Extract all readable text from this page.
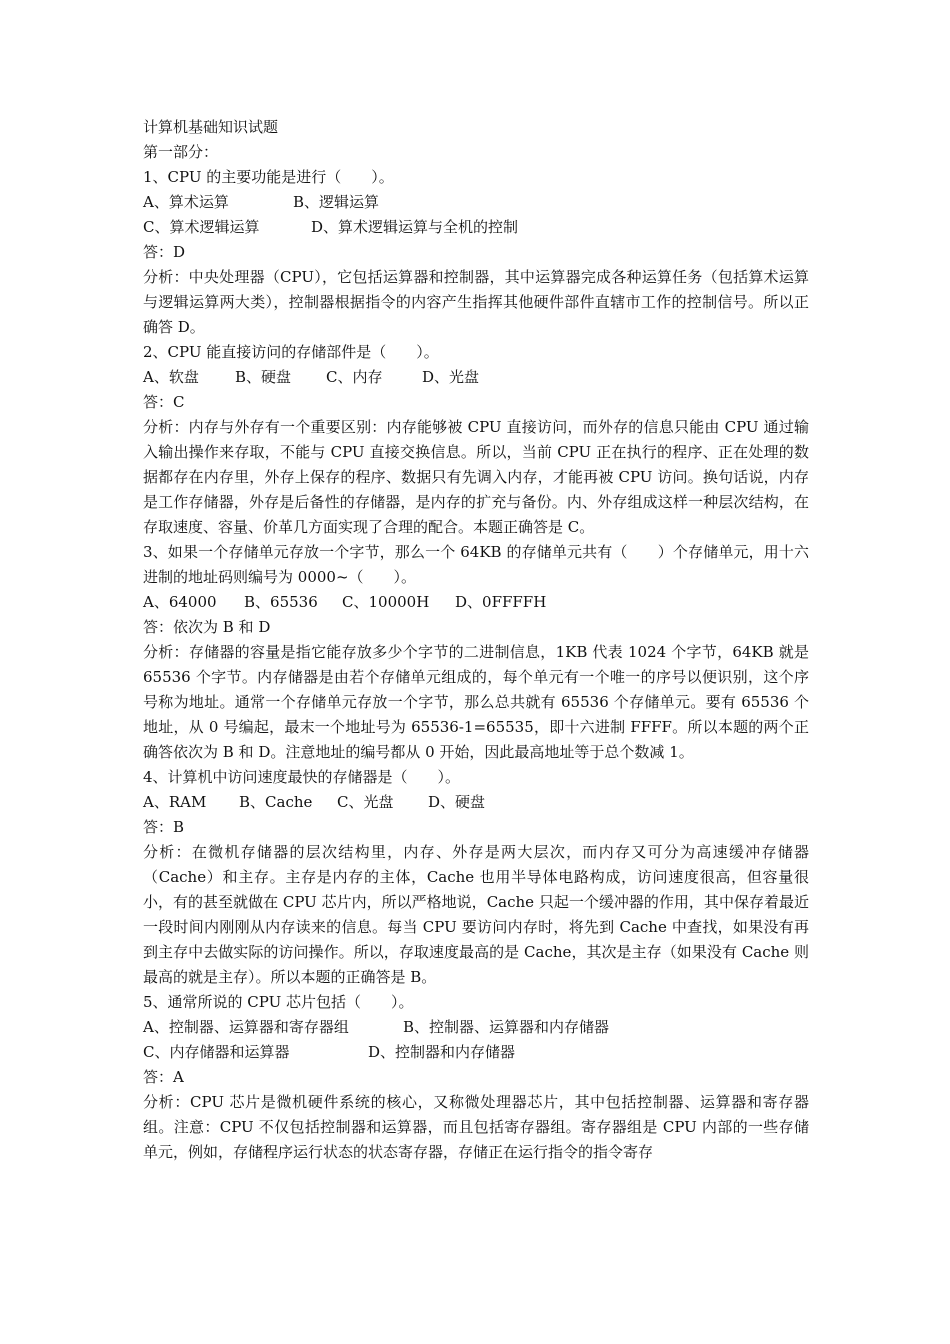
计算机基础知识试题
第一部分：
1、CPU 的主要功能是进行（　　）。
A、算术运算	B、逻辑运算
C、算术逻辑运算	D、算术逻辑运算与全机的控制
答：D
分析：中央处理器（CPU），它包括运算器和控制器，其中运算器完成各种运算任务（包括算术运算与逻辑运算两大类），控制器根据指令的内容产生指挥其他硬件部件直辖市工作的控制信号。所以正确答 D。
2、CPU 能直接访问的存储部件是（　　）。
A、软盘 B、硬盘 C、内存	D、光盘
答：C
分析：内存与外存有一个重要区别：内存能够被 CPU 直接访问，而外存的信息只能由 CPU 通过输入输出操作来存取，不能与 CPU 直接交换信息。所以，当前 CPU 正在执行的程序、正在处理的数据都存在内存里，外存上保存的程序、数据只有先调入内存，才能再被 CPU 访问。换句话说，内存是工作存储器，外存是后备性的存储器，是内存的扩充与备份。内、外存组成这样一种层次结构，在存取速度、容量、价革几方面实现了合理的配合。本题正确答是 C。
3、如果一个存储单元存放一个字节，那么一个 64KB 的存储单元共有（　　）个存储单元，用十六进制的地址码则编号为 0000~（　　）。
A、64000 B、65536 C、10000H D、0FFFFH
答：依次为 B 和 D
分析：存储器的容量是指它能存放多少个字节的二进制信息，1KB 代表 1024 个字节，64KB 就是 65536 个字节。内存储器是由若个存储单元组成的，每个单元有一个唯一的序号以便识别，这个序号称为地址。通常一个存储单元存放一个字节，那么总共就有 65536 个存储单元。要有 65536 个地址，从 0 号编起，最末一个地址号为 65536-1=65535，即十六进制 FFFF。所以本题的两个正确答依次为 B 和 D。注意地址的编号都从 0 开始，因此最高地址等于总个数减 1。
4、计算机中访问速度最快的存储器是（　　）。
A、RAM B、Cache C、光盘 D、硬盘
答：B
分析：在微机存储器的层次结构里，内存、外存是两大层次，而内存又可分为高速缓冲存储器（Cache）和主存。主存是内存的主体，Cache 也用半导体电路构成，访问速度很高，但容量很小，有的甚至就做在 CPU 芯片内，所以严格地说，Cache 只起一个缓冲器的作用，其中保存着最近一段时间内刚刚从内存读来的信息。每当 CPU 要访问内存时，将先到 Cache 中查找，如果没有再到主存中去做实际的访问操作。所以，存取速度最高的是 Cache，其次是主存（如果没有 Cache 则最高的就是主存）。所以本题的正确答是 B。
5、通常所说的 CPU 芯片包括（　　）。
A、控制器、运算器和寄存器组	B、控制器、运算器和内存储器
C、内存储器和运算器	D、控制器和内存储器
答：A
分析：CPU 芯片是微机硬件系统的核心，又称微处理器芯片，其中包括控制器、运算器和寄存器组。注意：CPU 不仅包括控制器和运算器，而且包括寄存器组。寄存器组是 CPU 内部的一些存储单元，例如，存储程序运行状态的状态寄存器，存储正在运行指令的指令寄存
